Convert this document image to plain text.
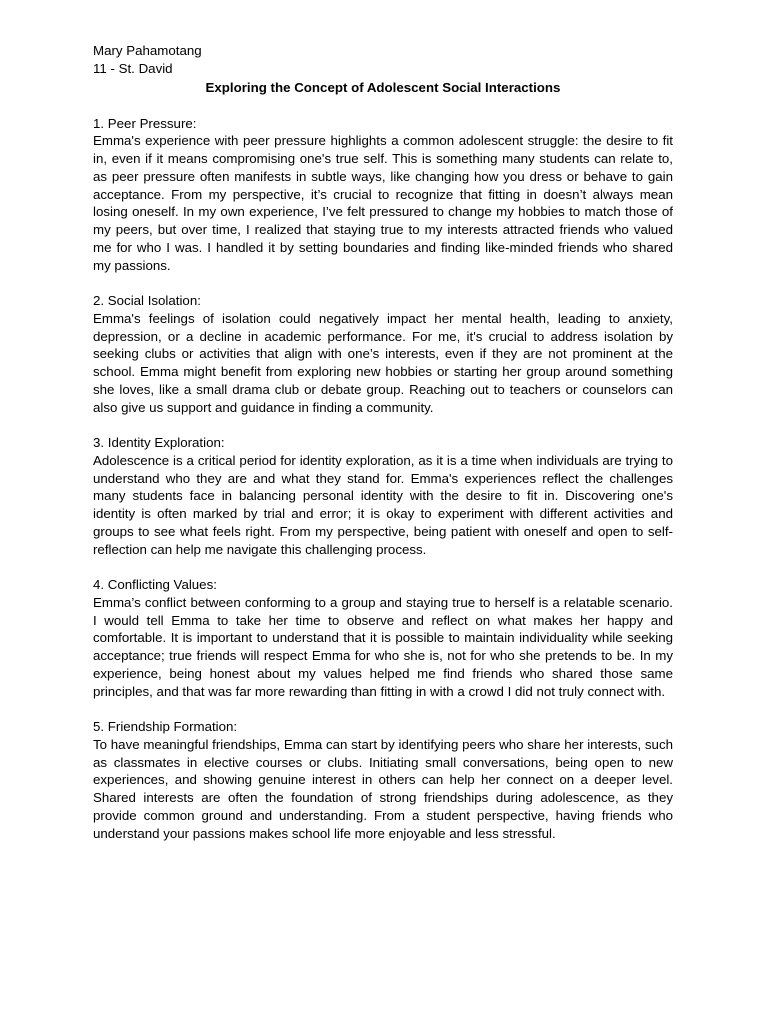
Mary Pahamotang
11 - St. David
Exploring the Concept of Adolescent Social Interactions
1. Peer Pressure:
Emma's experience with peer pressure highlights a common adolescent struggle: the desire to fit in, even if it means compromising one's true self. This is something many students can relate to, as peer pressure often manifests in subtle ways, like changing how you dress or behave to gain acceptance. From my perspective, it’s crucial to recognize that fitting in doesn’t always mean losing oneself. In my own experience, I’ve felt pressured to change my hobbies to match those of my peers, but over time, I realized that staying true to my interests attracted friends who valued me for who I was. I handled it by setting boundaries and finding like-minded friends who shared my passions.
2. Social Isolation:
Emma's feelings of isolation could negatively impact her mental health, leading to anxiety, depression, or a decline in academic performance. For me, it's crucial to address isolation by seeking clubs or activities that align with one’s interests, even if they are not prominent at the school. Emma might benefit from exploring new hobbies or starting her group around something she loves, like a small drama club or debate group. Reaching out to teachers or counselors can also give us support and guidance in finding a community.
3. Identity Exploration:
Adolescence is a critical period for identity exploration, as it is a time when individuals are trying to understand who they are and what they stand for. Emma's experiences reflect the challenges many students face in balancing personal identity with the desire to fit in. Discovering one's identity is often marked by trial and error; it is okay to experiment with different activities and groups to see what feels right. From my perspective, being patient with oneself and open to self-reflection can help me navigate this challenging process.
4. Conflicting Values:
Emma’s conflict between conforming to a group and staying true to herself is a relatable scenario. I would tell Emma to take her time to observe and reflect on what makes her happy and comfortable. It is important to understand that it is possible to maintain individuality while seeking acceptance; true friends will respect Emma for who she is, not for who she pretends to be. In my experience, being honest about my values helped me find friends who shared those same principles, and that was far more rewarding than fitting in with a crowd I did not truly connect with.
5. Friendship Formation:
To have meaningful friendships, Emma can start by identifying peers who share her interests, such as classmates in elective courses or clubs. Initiating small conversations, being open to new experiences, and showing genuine interest in others can help her connect on a deeper level. Shared interests are often the foundation of strong friendships during adolescence, as they provide common ground and understanding. From a student perspective, having friends who understand your passions makes school life more enjoyable and less stressful.
